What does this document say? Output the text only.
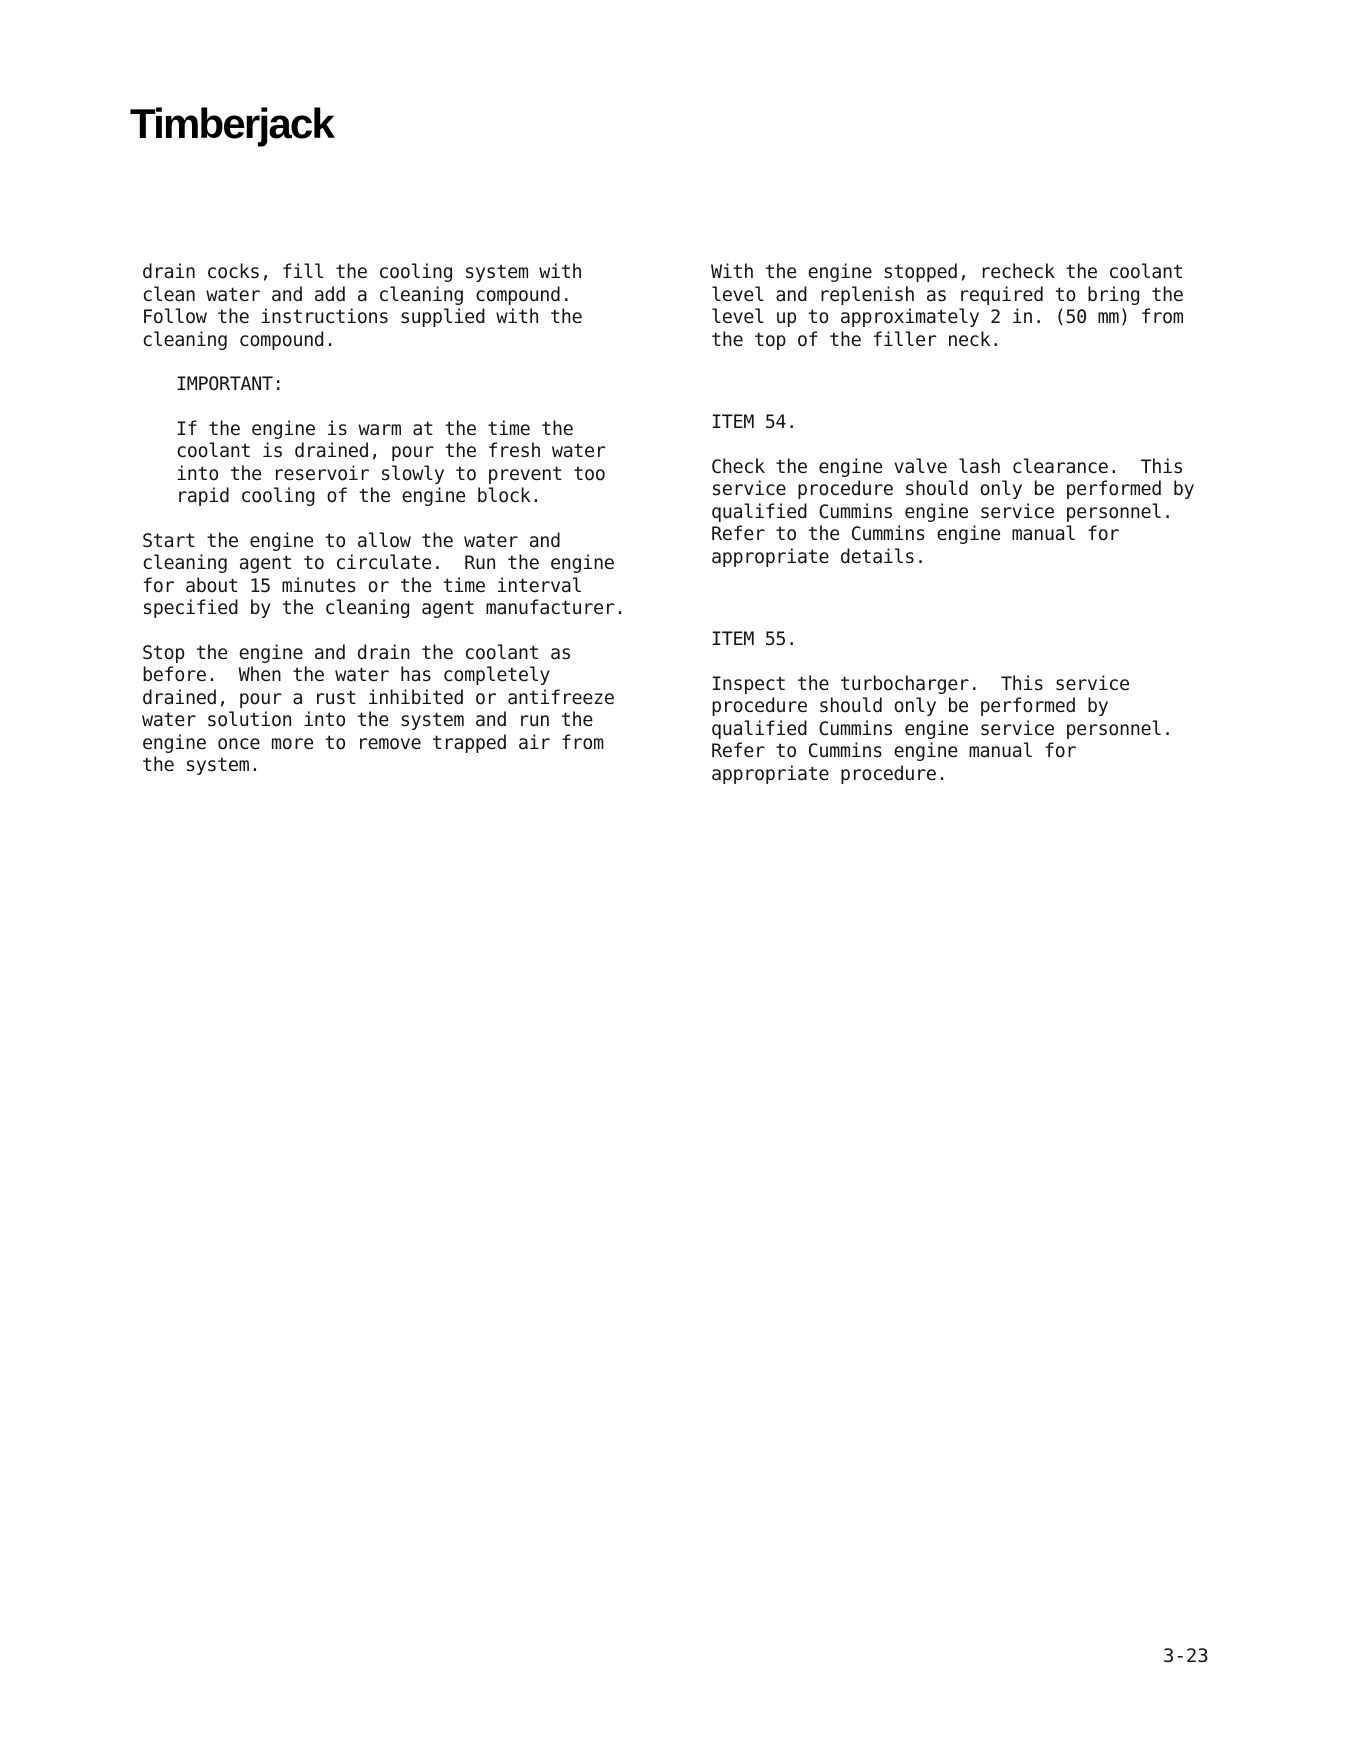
Timberjack

drain cocks, fill the cooling system with
clean water and add a cleaning compound.
Follow the instructions supplied with the
cleaning compound.

IMPORTANT:

If the engine is warm at the time the
coolant is drained, pour the fresh water
into the reservoir slowly to prevent too
rapid cooling of the engine block.

Start the engine to allow the water and
cleaning agent to circulate.  Run the engine
for about 15 minutes or the time interval
specified by the cleaning agent manufacturer.

Stop the engine and drain the coolant as
before.  When the water has completely
drained, pour a rust inhibited or antifreeze
water solution into the system and run the
engine once more to remove trapped air from
the system.

With the engine stopped, recheck the coolant
level and replenish as required to bring the
level up to approximately 2 in. (50 mm) from
the top of the filler neck.

ITEM 54.

Check the engine valve lash clearance.  This
service procedure should only be performed by
qualified Cummins engine service personnel.
Refer to the Cummins engine manual for
appropriate details.

ITEM 55.

Inspect the turbocharger.  This service
procedure should only be performed by
qualified Cummins engine service personnel.
Refer to Cummins engine manual for
appropriate procedure.

3-23
